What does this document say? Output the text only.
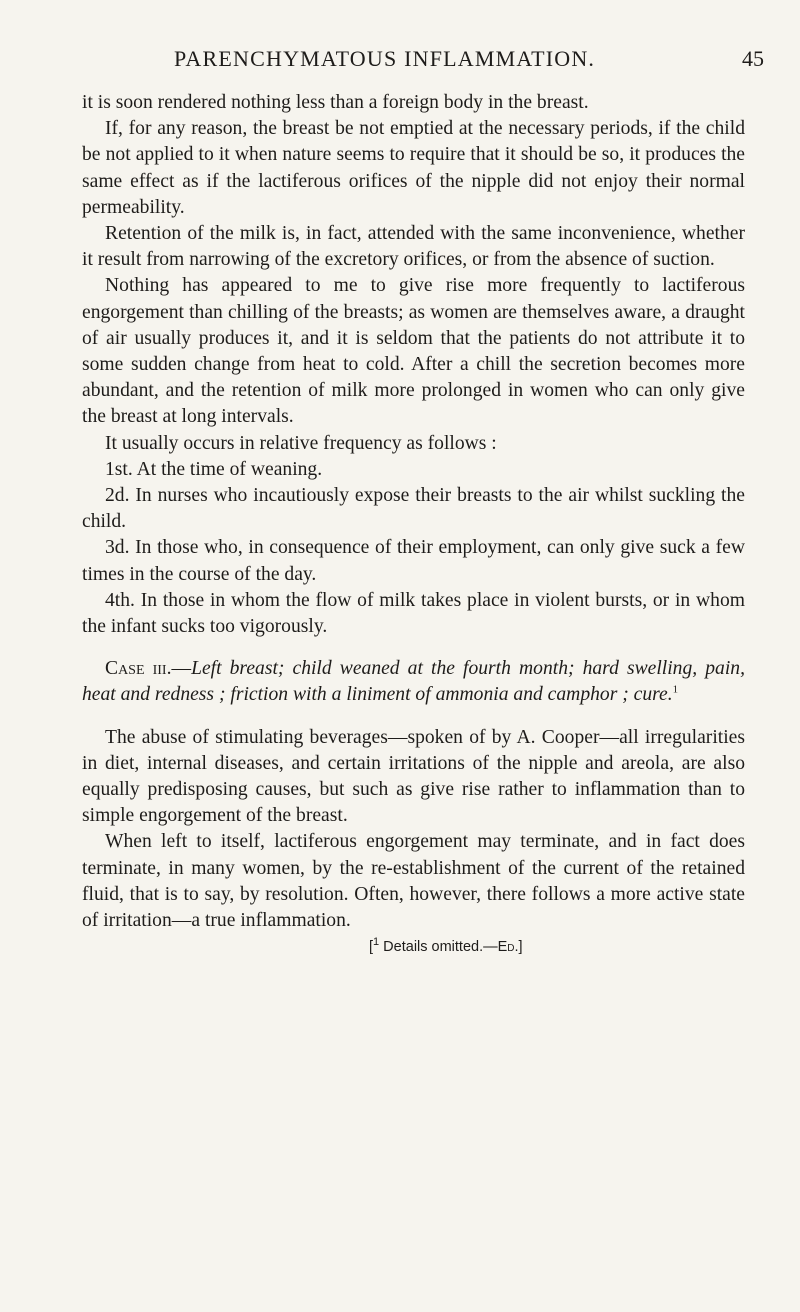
PARENCHYMATOUS INFLAMMATION.	45

it is soon rendered nothing less than a foreign body in the breast.

If, for any reason, the breast be not emptied at the necessary periods, if the child be not applied to it when nature seems to require that it should be so, it produces the same effect as if the lactiferous orifices of the nipple did not enjoy their normal permeability.

Retention of the milk is, in fact, attended with the same inconvenience, whether it result from narrowing of the excretory orifices, or from the absence of suction.

Nothing has appeared to me to give rise more frequently to lactiferous engorgement than chilling of the breasts; as women are themselves aware, a draught of air usually produces it, and it is seldom that the patients do not attribute it to some sudden change from heat to cold. After a chill the secretion becomes more abundant, and the retention of milk more prolonged in women who can only give the breast at long intervals.

It usually occurs in relative frequency as follows :

1st. At the time of weaning.

2d. In nurses who incautiously expose their breasts to the air whilst suckling the child.

3d. In those who, in consequence of their employment, can only give suck a few times in the course of the day.

4th. In those in whom the flow of milk takes place in violent bursts, or in whom the infant sucks too vigorously.

Case iii.—Left breast; child weaned at the fourth month; hard swelling, pain, heat and redness ; friction with a liniment of ammonia and camphor ; cure.$^1$

The abuse of stimulating beverages—spoken of by A. Cooper—all irregularities in diet, internal diseases, and certain irritations of the nipple and areola, are also equally predisposing causes, but such as give rise rather to inflammation than to simple engorgement of the breast.

When left to itself, lactiferous engorgement may terminate, and in fact does terminate, in many women, by the re-establishment of the current of the retained fluid, that is to say, by resolution. Often, however, there follows a more active state of irritation—a true inflammation.

[$^1$ Details omitted.—Ed.]
